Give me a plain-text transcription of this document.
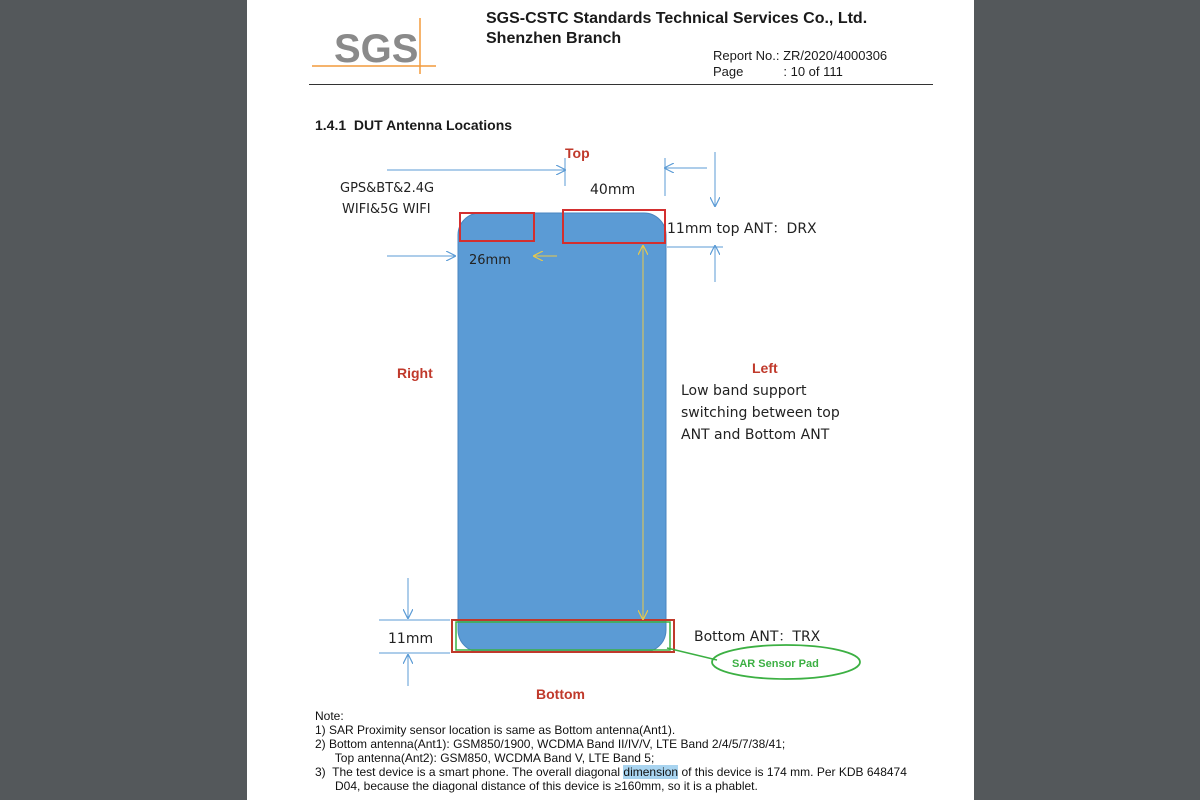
SGS
SGS-CSTC Standards Technical Services Co., Ltd.
Shenzhen Branch
Report No.: ZR/2020/4000306
Page	: 10 of 111
1.4.1 DUT Antenna Locations
Top
Right	Left
Bottom
GPS&BT&2.4G
WIFI&5G WIFI
40mm
26mm
11mm top ANT：DRX
Low band support
switching between top
ANT and Bottom ANT
11mm	Bottom ANT：TRX
SAR Sensor Pad
Note:
1) SAR Proximity sensor location is same as Bottom antenna(Ant1).
2) Bottom antenna(Ant1): GSM850/1900, WCDMA Band II/IV/V, LTE Band 2/4/5/7/38/41;
Top antenna(Ant2): GSM850, WCDMA Band V, LTE Band 5;
3)  The test device is a smart phone. The overall diagonal dimension of this device is 174 mm. Per KDB 648474
D04, because the diagonal distance of this device is ≥160mm, so it is a phablet.
